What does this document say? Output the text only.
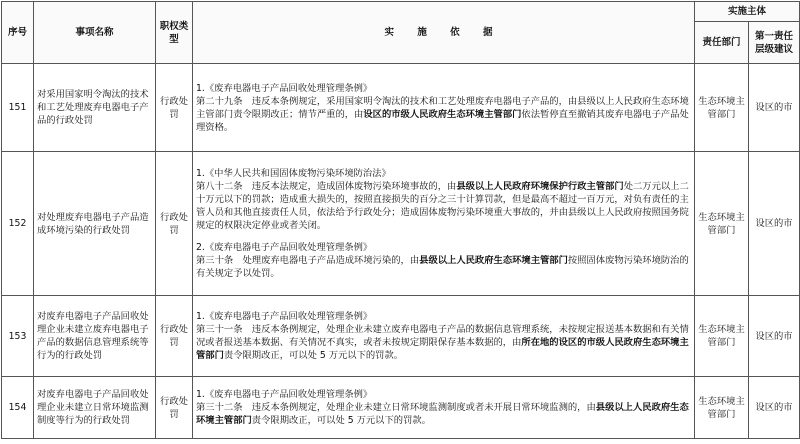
序号	事项名称	职权类型	实 施 依 据	实施主体	
				责任部门	第一责任层级建议
151	对采用国家明令淘汰的技术和工艺处理废弃电器电子产品的行政处罚	行政处罚	1.《废弃电器电子产品回收处理管理条例》

第二十九条　违反本条例规定，采用国家明令淘汰的技术和工艺处理废弃电器电子产品的，由县级以上人民政府生态环境主管部门责令限期改正；情节严重的，由设区的市级人民政府生态环境主管部门依法暂停直至撤销其废弃电器电子产品处理资格。	生态环境主管部门	设区的市
152	对处理废弃电器电子产品造成环境污染的行政处罚	行政处罚	1.《中华人民共和国固体废物污染环境防治法》

第八十二条　违反本法规定，造成固体废物污染环境事故的，由县级以上人民政府环境保护行政主管部门处二万元以上二十万元以下的罚款；造成重大损失的，按照直接损失的百分之三十计算罚款，但是最高不超过一百万元，对负有责任的主管人员和其他直接责任人员，依法给予行政处分；造成固体废物污染环境重大事故的，并由县级以上人民政府按照国务院规定的权限决定停业或者关闭。

2.《废弃电器电子产品回收处理管理条例》

第三十条　处理废弃电器电子产品造成环境污染的，由县级以上人民政府生态环境主管部门按照固体废物污染环境防治的有关规定予以处罚。	生态环境主管部门	设区的市
153	对废弃电器电子产品回收处理企业未建立废弃电器电子产品的数据信息管理系统等行为的行政处罚	行政处罚	1.《废弃电器电子产品回收处理管理条例》

第三十一条　违反本条例规定，处理企业未建立废弃电器电子产品的数据信息管理系统，未按规定报送基本数据和有关情况或者报送基本数据、有关情况不真实，或者未按规定期限保存基本数据的，由所在地的设区的市级人民政府生态环境主管部门责令限期改正，可以处 5 万元以下的罚款。	生态环境主管部门	设区的市
154	对废弃电器电子产品回收处理企业未建立日常环境监测制度等行为的行政处罚	行政处罚	1.《废弃电器电子产品回收处理管理条例》

第三十二条　违反本条例规定，处理企业未建立日常环境监测制度或者未开展日常环境监测的，由县级以上人民政府生态环境主管部门责令限期改正，可以处 5 万元以下的罚款。	生态环境主管部门	设区的市
